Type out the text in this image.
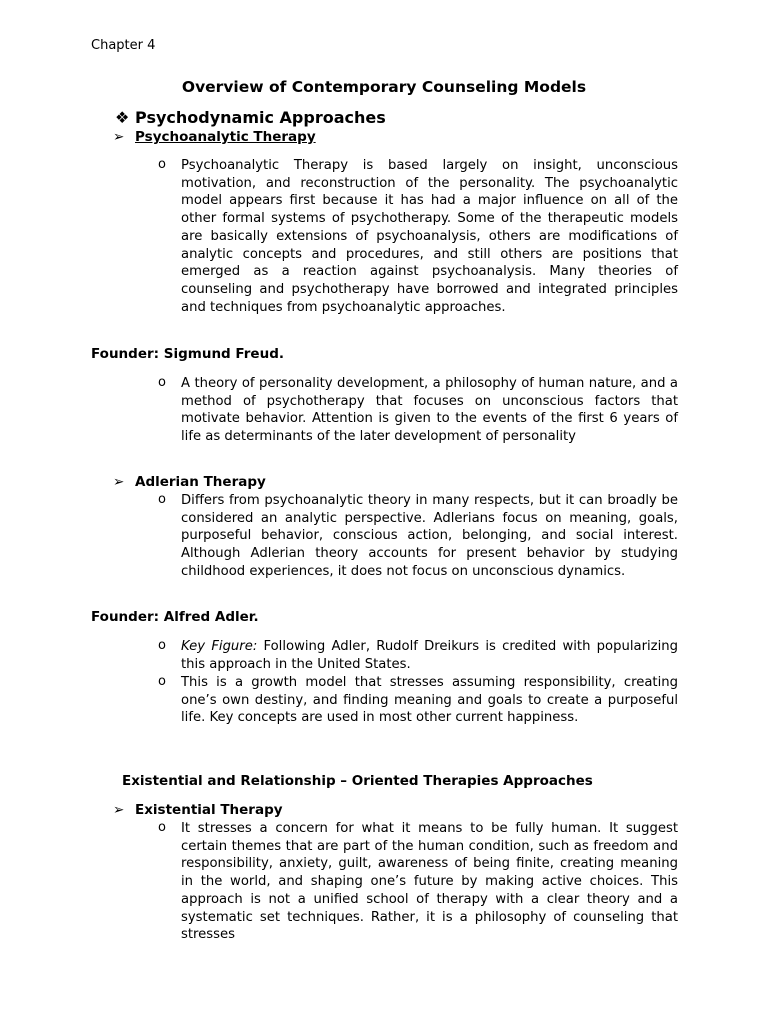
Chapter 4
Overview of Contemporary Counseling Models
❖ Psychodynamic Approaches
➢ Psychoanalytic Therapy
o Psychoanalytic Therapy is based largely on insight, unconscious motivation, and reconstruction of the personality. The psychoanalytic model appears first because it has had a major influence on all of the other formal systems of psychotherapy. Some of the therapeutic models are basically extensions of psychoanalysis, others are modifications of analytic concepts and procedures, and still others are positions that emerged as a reaction against psychoanalysis. Many theories of counseling and psychotherapy have borrowed and integrated principles and techniques from psychoanalytic approaches.
Founder: Sigmund Freud.
o A theory of personality development, a philosophy of human nature, and a method of psychotherapy that focuses on unconscious factors that motivate behavior. Attention is given to the events of the first 6 years of life as determinants of the later development of personality
➢ Adlerian Therapy
o Differs from psychoanalytic theory in many respects, but it can broadly be considered an analytic perspective. Adlerians focus on meaning, goals, purposeful behavior, conscious action, belonging, and social interest. Although Adlerian theory accounts for present behavior by studying childhood experiences, it does not focus on unconscious dynamics.
Founder: Alfred Adler.
o Key Figure: Following Adler, Rudolf Dreikurs is credited with popularizing this approach in the United States.
o This is a growth model that stresses assuming responsibility, creating one’s own destiny, and finding meaning and goals to create a purposeful life. Key concepts are used in most other current happiness.
Existential and Relationship – Oriented Therapies Approaches
➢ Existential Therapy
o It stresses a concern for what it means to be fully human. It suggest certain themes that are part of the human condition, such as freedom and responsibility, anxiety, guilt, awareness of being finite, creating meaning in the world, and shaping one’s future by making active choices. This approach is not a unified school of therapy with a clear theory and a systematic set techniques. Rather, it is a philosophy of counseling that stresses
